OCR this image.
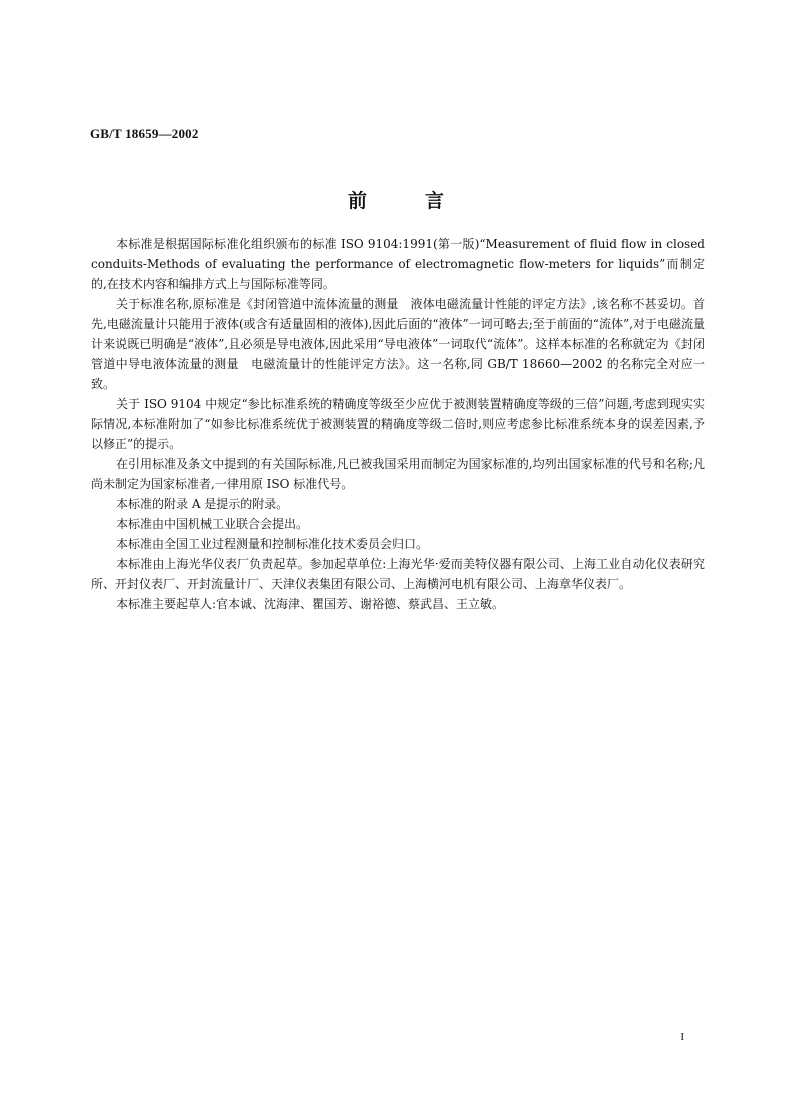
GB/T 18659—2002
前言

本标准是根据国际标准化组织颁布的标准 ISO 9104:1991(第一版)“Measurement of fluid flow in closed conduits-Methods of evaluating the performance of electromagnetic flow-meters for liquids”而制定的,在技术内容和编排方式上与国际标准等同。

关于标准名称,原标准是《封闭管道中流体流量的测量　液体电磁流量计性能的评定方法》,该名称不甚妥切。首先,电磁流量计只能用于液体(或含有适量固相的液体),因此后面的“液体”一词可略去;至于前面的“流体”,对于电磁流量计来说既已明确是“液体”,且必须是导电液体,因此采用“导电液体”一词取代“流体”。这样本标准的名称就定为《封闭管道中导电液体流量的测量　电磁流量计的性能评定方法》。这一名称,同 GB/T 18660—2002 的名称完全对应一致。

关于 ISO 9104 中规定“参比标准系统的精确度等级至少应优于被测装置精确度等级的三倍”问题,考虑到现实实际情况,本标准附加了“如参比标准系统优于被测装置的精确度等级二倍时,则应考虑参比标准系统本身的误差因素,予以修正”的提示。

在引用标准及条文中提到的有关国际标准,凡已被我国采用而制定为国家标准的,均列出国家标准的代号和名称;凡尚未制定为国家标准者,一律用原 ISO 标准代号。

本标准的附录 A 是提示的附录。

本标准由中国机械工业联合会提出。

本标准由全国工业过程测量和控制标准化技术委员会归口。

本标准由上海光华仪表厂负责起草。参加起草单位:上海光华·爱而美特仪器有限公司、上海工业自动化仪表研究所、开封仪表厂、开封流量计厂、天津仪表集团有限公司、上海横河电机有限公司、上海章华仪表厂。

本标准主要起草人:官本诚、沈海津、瞿国芳、谢裕德、蔡武昌、王立敏。

I
